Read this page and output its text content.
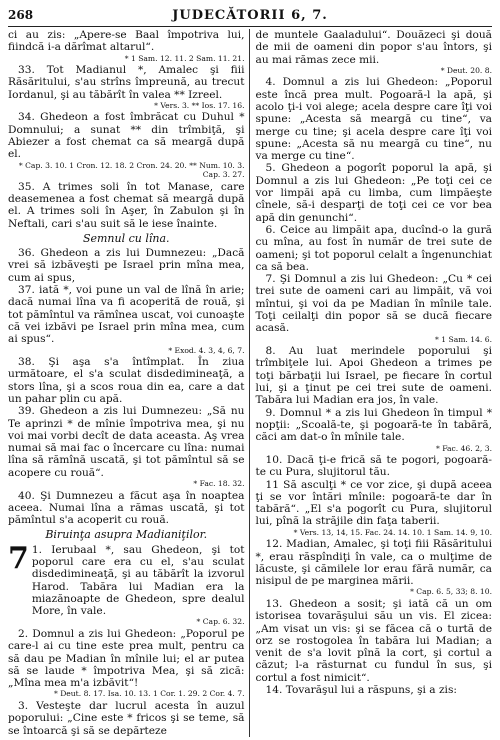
268	JUDECĂTORII 6, 7.

ci au zis: „Apere-se Baal împotriva lui, fiindcă i-a dărîmat altarul“.

* 1 Sam. 12. 11. 2 Sam. 11. 21.

33. Tot Madianul *, Amalec şi fiii Răsăritului, s'au strîns împreună, au trecut Iordanul, şi au tăbărît în valea ** Izreel.

* Vers. 3. ** Ios. 17. 16.

34. Ghedeon a fost îmbrăcat cu Duhul * Domnului; a sunat ** din trîmbiţă, şi Abiezer a fost chemat ca să meargă după el.

* Cap. 3. 10. 1 Cron. 12. 18. 2 Cron. 24. 20. ** Num. 10. 3. Cap. 3. 27.

35. A trimes soli în tot Manase, care deasemenea a fost chemat să meargă după el. A trimes soli în Aşer, în Zabulon şi în Neftali, cari s'au suit să le iese înainte.

Semnul cu lîna.

36. Ghedeon a zis lui Dumnezeu: „Dacă vrei să izbăveşti pe Israel prin mîna mea, cum ai spus,

37. iată *, voi pune un val de lînă în arie; dacă numai lîna va fi acoperită de rouă, şi tot pămîntul va rămînea uscat, voi cunoaşte că vei izbăvi pe Israel prin mîna mea, cum ai spus“.

* Exod. 4. 3, 4, 6, 7.

38. Şi aşa s'a întîmplat. În ziua următoare, el s'a sculat disdedimineaţă, a stors lîna, şi a scos roua din ea, care a dat un pahar plin cu apă.

39. Ghedeon a zis lui Dumnezeu: „Să nu Te aprinzi * de mînie împotriva mea, şi nu voi mai vorbi decît de data aceasta. Aş vrea numai să mai fac o încercare cu lîna: numai lîna să rămînă uscată, şi tot pămîntul să se acopere cu rouă“.

* Fac. 18. 32.

40. Şi Dumnezeu a făcut aşa în noaptea aceea. Numai lîna a rămas uscată, şi tot pămîntul s'a acoperit cu rouă.

Biruinţa asupra Madianiţilor.

7 1. Ierubaal *, sau Ghedeon, şi tot poporul care era cu el, s'au sculat disdedimineaţă, şi au tăbărît la izvorul Harod. Tabăra lui Madian era la miazănoapte de Ghedeon, spre dealul More, în vale.

* Cap. 6. 32.

2. Domnul a zis lui Ghedeon: „Poporul pe care-l ai cu tine este prea mult, pentru ca să dau pe Madian în mînile lui; el ar putea să se laude * împotriva Mea, şi să zică: „Mîna mea m'a izbăvit“!

* Deut. 8. 17. Isa. 10. 13. 1 Cor. 1. 29. 2 Cor. 4. 7.

3. Vesteşte dar lucrul acesta în auzul poporului: „Cine este * fricos şi se teme, să se întoarcă şi să se depărteze

de muntele Gaaladului“. Douăzeci şi două de mii de oameni din popor s'au întors, şi au mai rămas zece mii.

* Deut. 20. 8.

4. Domnul a zis lui Ghedeon: „Poporul este încă prea mult. Pogoară-l la apă, şi acolo ţi-i voi alege; acela despre care îţi voi spune: „Acesta să meargă cu tine“, va merge cu tine; şi acela despre care îţi voi spune: „Acesta să nu meargă cu tine“, nu va merge cu tine“.

5. Ghedeon a pogorît poporul la apă, şi Domnul a zis lui Ghedeon: „Pe toţi cei ce vor limpăi apă cu limba, cum limpăeşte cînele, să-i desparţi de toţi cei ce vor bea apă din genunchi“.

6. Ceice au limpăit apa, ducînd-o la gură cu mîna, au fost în număr de trei sute de oameni; şi tot poporul celalt a îngenunchiat ca să bea.

7. Şi Domnul a zis lui Ghedeon: „Cu * cei trei sute de oameni cari au limpăit, vă voi mîntui, şi voi da pe Madian în mînile tale. Toţi ceilalţi din popor să se ducă fiecare acasă.

* 1 Sam. 14. 6.

8. Au luat merindele poporului şi trîmbiţele lui. Apoi Ghedeon a trimes pe toţi bărbaţii lui Israel, pe fiecare în cortul lui, şi a ţinut pe cei trei sute de oameni. Tabăra lui Madian era jos, în vale.

9. Domnul * a zis lui Ghedeon în timpul * nopţii: „Scoală-te, şi pogoară-te în tabără, căci am dat-o în mînile tale.

* Fac. 46. 2, 3.

10. Dacă ţi-e frică să te pogori, pogoară-te cu Pura, slujitorul tău.

11 Să asculţi * ce vor zice, şi după aceea ţi se vor întări mînile: pogoară-te dar în tabără“. „El s'a pogorît cu Pura, slujitorul lui, pînă la străjile din faţa taberii.

* Vers. 13, 14, 15. Fac. 24. 14. 10. 1 Sam. 14. 9, 10.

12. Madian, Amalec, şi toţi fiii Răsăritului *, erau răspîndiţi în vale, ca o mulţime de lăcuste, şi cămilele lor erau fără număr, ca nisipul de pe marginea mării.

* Cap. 6. 5, 33; 8. 10.

13. Ghedeon a sosit; şi iată că un om istorisea tovarăşului său un vis. El zicea: „Am visat un vis: şi se făcea că o turtă de orz se rostogolea în tabăra lui Madian; a venit de s'a lovit pînă la cort, şi cortul a căzut; l-a răsturnat cu fundul în sus, şi cortul a fost nimicit“.

14. Tovarăşul lui a răspuns, şi a zis:
